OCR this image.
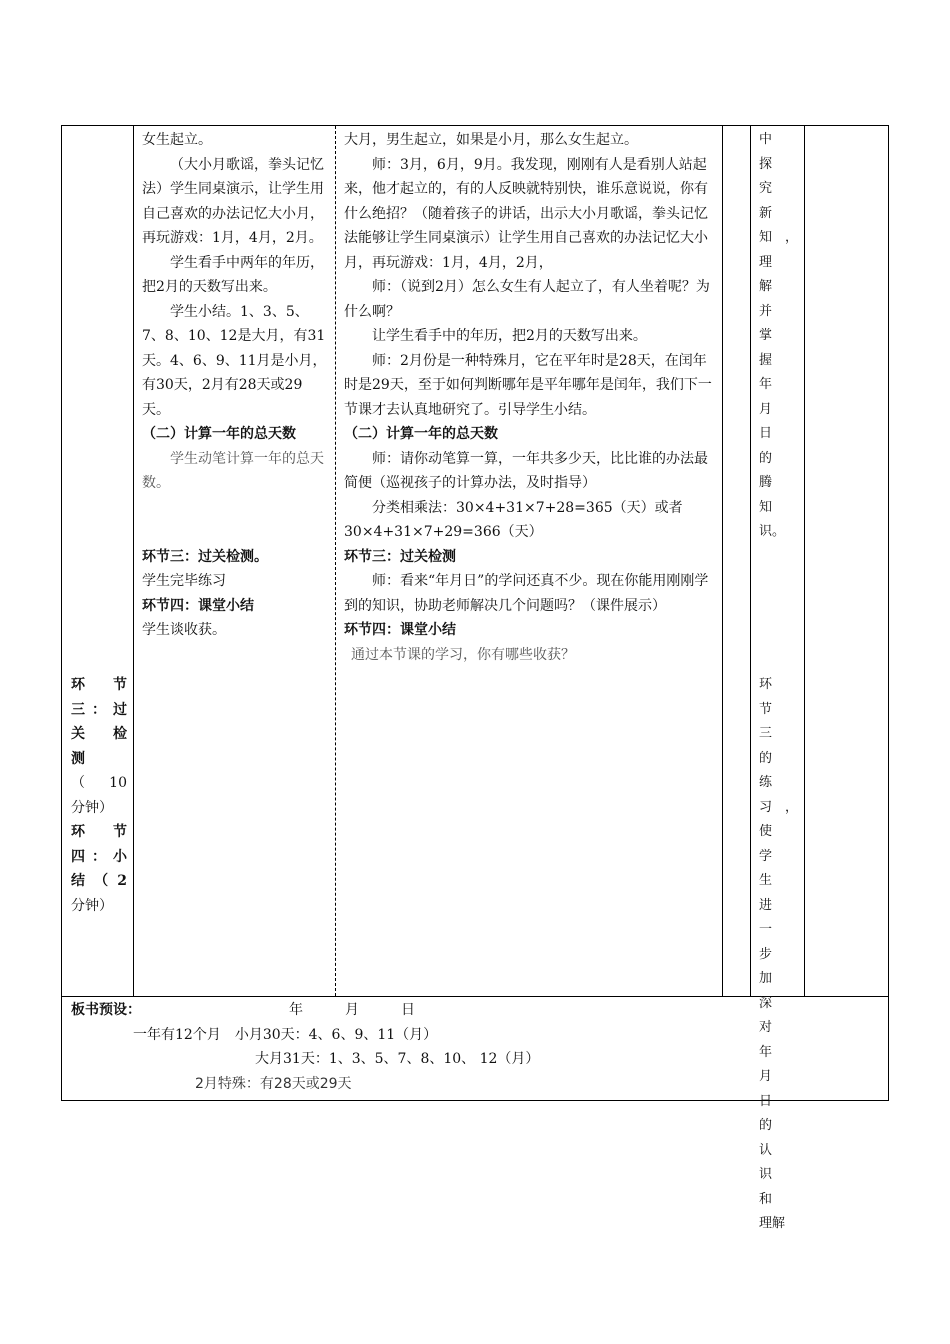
环　节

三：过

关　检

测

（　10

分钟）

环　节

四：小

结（2

分钟）

女生起立。

（大小月歌谣，拳头记忆法）学生同桌演示，让学生用自己喜欢的办法记忆大小月，再玩游戏：1月，4月，2月。

学生看手中两年的年历，把2月的天数写出来。

学生小结。1、3、5、7、8、10、12是大月，有31天。4、6、9、11月是小月，有30天，2月有28天或29天。

（二）计算一年的总天数

学生动笔计算一年的总天数。

环节三：过关检测。

学生完毕练习

环节四：课堂小结

学生谈收获。

大月，男生起立，如果是小月，那么女生起立。

师：3月，6月，9月。我发现，刚刚有人是看别人站起来，他才起立的，有的人反映就特别快，谁乐意说说，你有什么绝招？（随着孩子的讲话，出示大小月歌谣，拳头记忆法能够让学生同桌演示）让学生用自己喜欢的办法记忆大小月，再玩游戏：1月，4月，2月，

师：（说到2月）怎么女生有人起立了，有人坐着呢？为什么啊？

让学生看手中的年历，把2月的天数写出来。

师：2月份是一种特殊月，它在平年时是28天，在闰年时是29天，至于如何判断哪年是平年哪年是闰年，我们下一节课才去认真地研究了。引导学生小结。

（二）计算一年的总天数

师：请你动笔算一算，一年共多少天，比比谁的办法最简便（巡视孩子的计算办法，及时指导）

分类相乘法：30×4+31×7+28=365（天）或者30×4+31×7+29=366（天）

环节三：过关检测

师：看来“年月日”的学问还真不少。现在你能用刚刚学到的知识，协助老师解决几个问题吗？（课件展示）

环节四：课堂小结

通过本节课的学习，你有哪些收获？

中　探

究　新

知　，

理　解

并　掌

握　年

月　日

的　腾

知　

识。

环　节

三　的

练　

习　，

使　学

生　进

一　步

加　深

对　年

月　日

的　认

识　和

理解

板书预设：	年　　　月　　　日
一年有12个月　小月30天：4、6、9、11（月）
大月31天：1、3、5、7、8、10、 12（月）
2月特殊：有28天或29天
